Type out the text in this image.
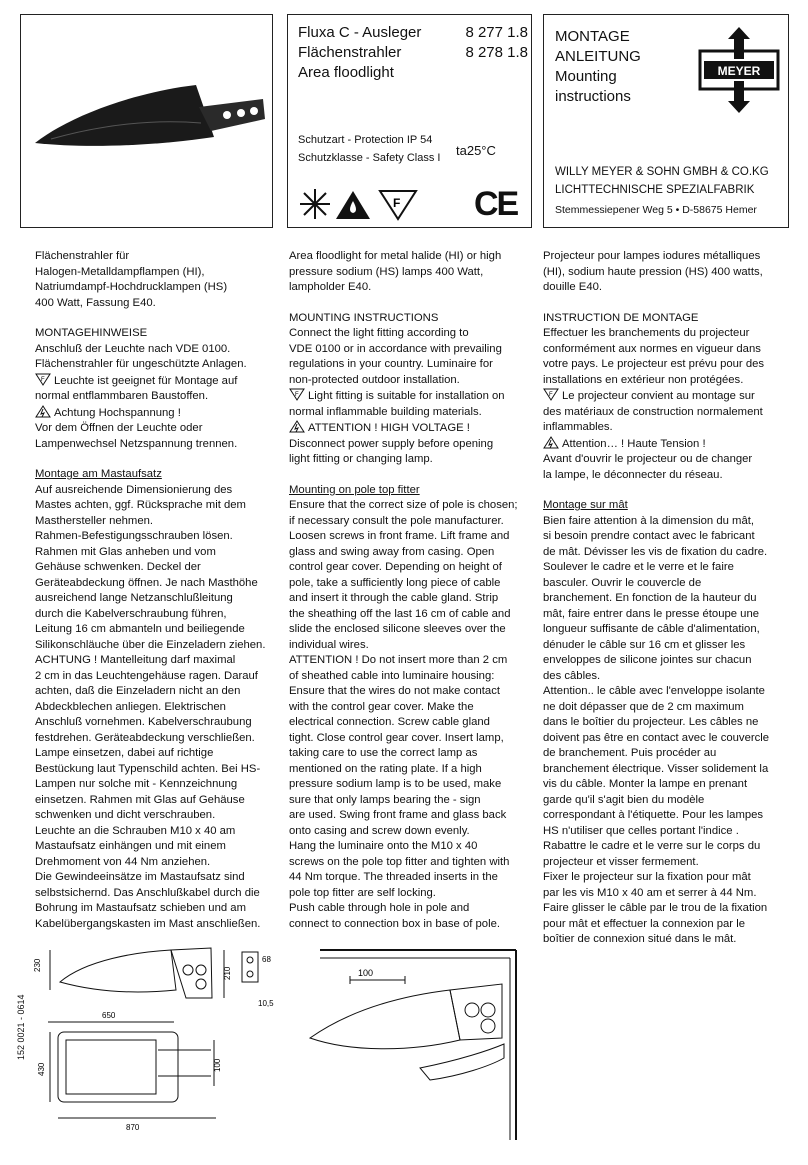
Fluxa C - Ausleger	8 277 1.8
Flächenstrahler	8 278 1.8
Area floodlight
Schutzart - Protection IP 54
Schutzklasse - Safety Class I ta25°C
F CE
MONTAGE
ANLEITUNG
Mounting
instructions
MEYER
WILLY MEYER & SOHN GMBH & CO.KG
LICHTTECHNISCHE SPEZIALFABRIK
Stemmessiepener Weg 5 • D-58675 Hemer

Flächenstrahler für

Halogen-Metalldampflampen (HI),

Natriumdampf-Hochdrucklampen (HS)

400 Watt, Fassung E40.

MONTAGEHINWEISE

Anschluß der Leuchte nach VDE 0100.

Flächenstrahler für ungeschützte Anlagen.

F Leuchte ist geeignet für Montage auf

normal entflammbaren Baustoffen.

Achtung Hochspannung !

Vor dem Öffnen der Leuchte oder

Lampenwechsel Netzspannung trennen.

Montage am Mastaufsatz

Auf ausreichende Dimensionierung des

Mastes achten, ggf. Rücksprache mit dem

Masthersteller nehmen.

Rahmen-Befestigungsschrauben lösen.

Rahmen mit Glas anheben und vom

Gehäuse schwenken. Deckel der

Geräteabdeckung öffnen. Je nach Masthöhe

ausreichend lange Netzanschlußleitung

durch die Kabelverschraubung führen,

Leitung 16 cm abmanteln und beiliegende

Silikonschläuche über die Einzeladern ziehen.

ACHTUNG ! Mantelleitung darf maximal

2 cm in das Leuchtengehäuse ragen. Darauf

achten, daß die Einzeladern nicht an den

Abdeckblechen anliegen. Elektrischen

Anschluß vornehmen. Kabelverschraubung

festdrehen. Geräteabdeckung verschließen.

Lampe einsetzen, dabei auf richtige

Bestückung laut Typenschild achten. Bei HS-

Lampen nur solche mit - Kennzeichnung

einsetzen. Rahmen mit Glas auf Gehäuse

schwenken und dicht verschrauben.

Leuchte an die Schrauben M10 x 40 am

Mastaufsatz einhängen und mit einem

Drehmoment von 44 Nm anziehen.

Die Gewindeeinsätze im Mastaufsatz sind

selbstsichernd. Das Anschlußkabel durch die

Bohrung im Mastaufsatz schieben und am

Kabelübergangskasten im Mast anschließen.

Area floodlight for metal halide (HI) or high

pressure sodium (HS) lamps 400 Watt,

lampholder E40.

MOUNTING INSTRUCTIONS

Connect the light fitting according to

VDE 0100 or in accordance with prevailing

regulations in your country. Luminaire for

non-protected outdoor installation.

F Light fitting is suitable for installation on

normal inflammable building materials.

ATTENTION ! HIGH VOLTAGE !

Disconnect power supply before opening

light fitting or changing lamp.

Mounting on pole top fitter

Ensure that the correct size of pole is chosen;

if necessary consult the pole manufacturer.

Loosen screws in front frame. Lift frame and

glass and swing away from casing. Open

control gear cover. Depending on height of

pole, take a sufficiently long piece of cable

and insert it through the cable gland. Strip

the sheathing off the last 16 cm of cable and

slide the enclosed silicone sleeves over the

individual wires.

ATTENTION ! Do not insert more than 2 cm

of sheathed cable into luminaire housing:

Ensure that the wires do not make contact

with the control gear cover. Make the

electrical connection. Screw cable gland

tight. Close control gear cover. Insert lamp,

taking care to use the correct lamp as

mentioned on the rating plate. If a high

pressure sodium lamp is to be used, make

sure that only lamps bearing the - sign

are used. Swing front frame and glass back

onto casing and screw down evenly.

Hang the luminaire onto the M10 x 40

screws on the pole top fitter and tighten with

44 Nm torque. The threaded inserts in the

pole top fitter are self locking.

Push cable through hole in pole and

connect to connection box in base of pole.

Projecteur pour lampes iodures métalliques

(HI), sodium haute pression (HS) 400 watts,

douille E40.

INSTRUCTION DE MONTAGE

Effectuer les branchements du projecteur

conformément aux normes en vigueur dans

votre pays. Le projecteur est prévu pour des

installations en extérieur non protégées.

F Le projecteur convient au montage sur

des matériaux de construction normalement

inflammables.

Attention… ! Haute Tension !

Avant d'ouvrir le projecteur ou de changer

la lampe, le déconnecter du réseau.

Montage sur mât

Bien faire attention à la dimension du mât,

si besoin prendre contact avec le fabricant

de mât. Dévisser les vis de fixation du cadre.

Soulever le cadre et le verre et le faire

basculer. Ouvrir le couvercle de

branchement. En fonction de la hauteur du

mât, faire entrer dans le presse étoupe une

longueur suffisante de câble d'alimentation,

dénuder le câble sur 16 cm et glisser les

enveloppes de silicone jointes sur chacun

des câbles.

Attention.. le câble avec l'enveloppe isolante

ne doit dépasser que de 2 cm maximum

dans le boîtier du projecteur. Les câbles ne

doivent pas être en contact avec le couvercle

de branchement. Puis procéder au

branchement électrique. Visser solidement la

vis du câble. Monter la lampe en prenant

garde qu'il s'agit bien du modèle

correspondant à l'étiquette. Pour les lampes

HS n'utiliser que celles portant l'indice .

Rabattre le cadre et le verre sur le corps du

projecteur et visser fermement.

Fixer le projecteur sur la fixation pour mât

par les vis M10 x 40 am et serrer à 44 Nm.

Faire glisser le câble par le trou de la fixation

pour mât et effectuer la connexion par le

boîtier de connexion situé dans le mât.

152 0021 - 0614
230
210
68
10,5
650
430	100
870
100
